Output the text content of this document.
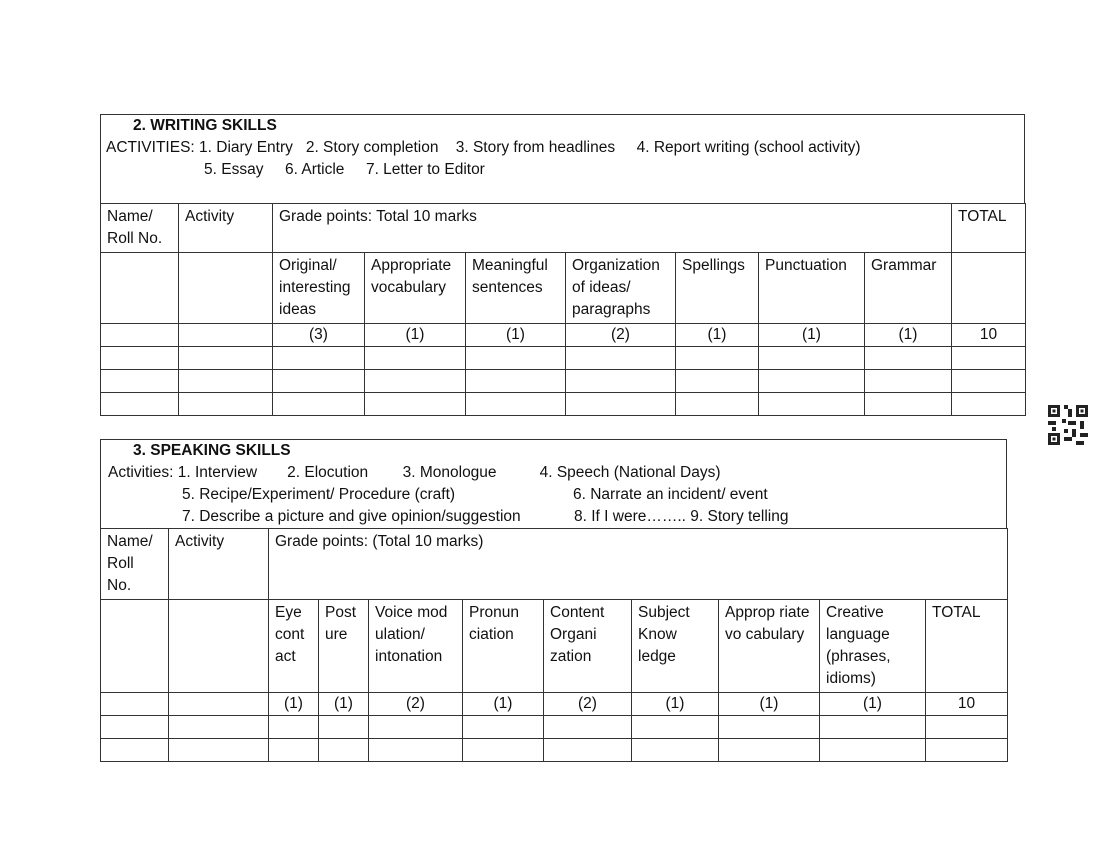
2. WRITING SKILLS
ACTIVITIES: 1. Diary Entry   2. Story completion    3. Story from headlines     4. Report writing (school activity)
5. Essay     6. Article     7. Letter to Editor
Name/ Roll No.	Activity	Grade points: Total 10 marks							TOTAL
		Original/ interesting ideas	Appropriate vocabulary	Meaningful sentences	Organization of ideas/ paragraphs	Spellings	Punctuation	Grammar	
		(3)	(1)	(1)	(2)	(1)	(1)	(1)	10

3. SPEAKING SKILLS
Activities: 1. Interview       2. Elocution        3. Monologue          4. Speech (National Days)
5. Recipe/Experiment/ Procedure (craft)	6. Narrate an incident/ event
7. Describe a picture and give opinion/suggestion	8. If I were…….. 9. Story telling
Name/ Roll No.	Activity	Grade points: (Total 10 marks)								
		Eye cont act	Post ure	Voice mod ulation/ intonation	Pronun ciation	Content Organi zation	Subject Know ledge	Approp riate vo cabulary	Creative language (phrases, idioms)	TOTAL
		(1)	(1)	(2)	(1)	(2)	(1)	(1)	(1)	10
